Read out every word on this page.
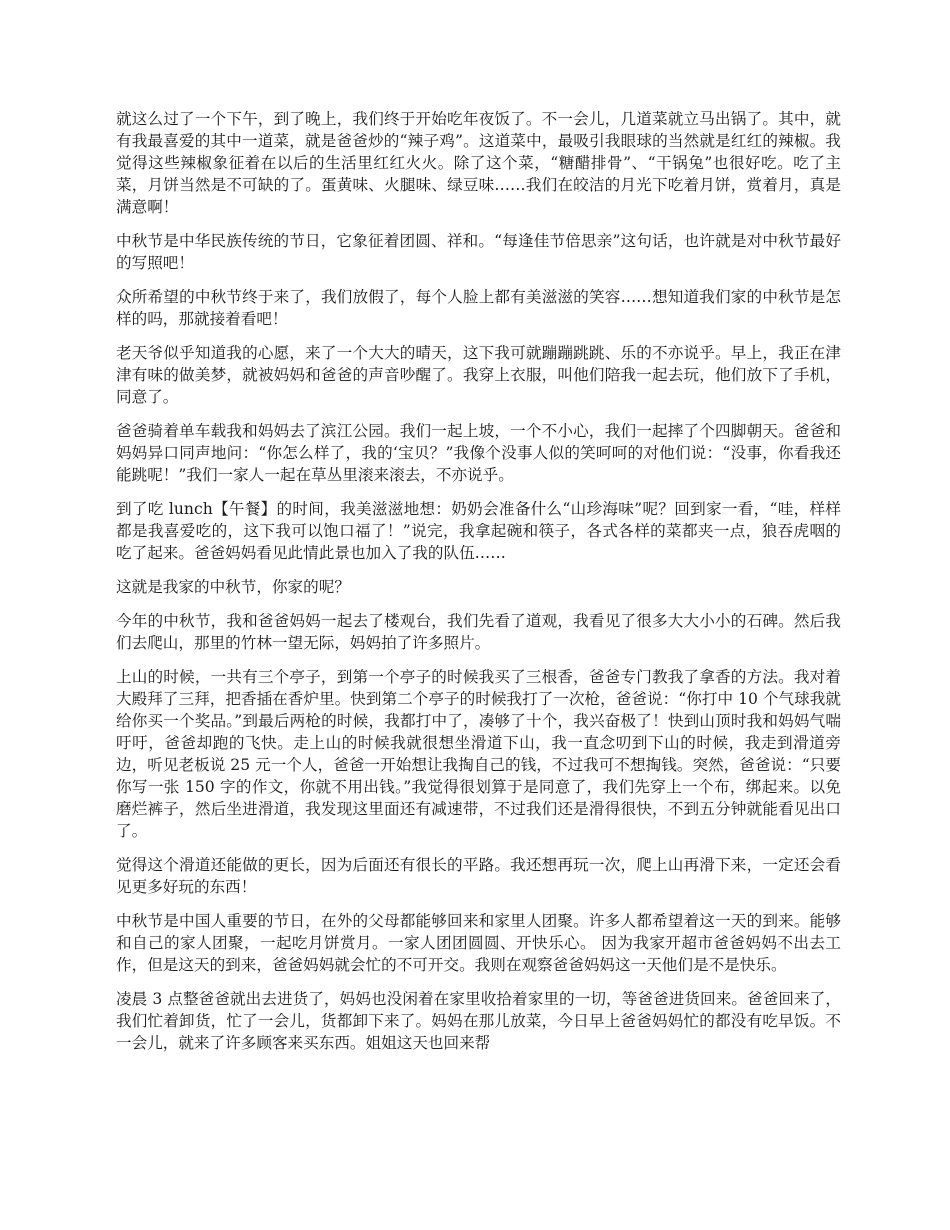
就这么过了一个下午，到了晚上，我们终于开始吃年夜饭了。不一会儿，几道菜就立马出锅了。其中，就有我最喜爱的其中一道菜，就是爸爸炒的“辣子鸡”。这道菜中，最吸引我眼球的当然就是红红的辣椒。我觉得这些辣椒象征着在以后的生活里红红火火。除了这个菜，“糖醋排骨”、“干锅兔”也很好吃。吃了主菜，月饼当然是不可缺的了。蛋黄味、火腿味、绿豆味……我们在皎洁的月光下吃着月饼，赏着月，真是满意啊！

中秋节是中华民族传统的节日，它象征着团圆、祥和。“每逢佳节倍思亲”这句话，也许就是对中秋节最好的写照吧！

众所希望的中秋节终于来了，我们放假了，每个人脸上都有美滋滋的笑容……想知道我们家的中秋节是怎样的吗，那就接着看吧！

老天爷似乎知道我的心愿，来了一个大大的晴天，这下我可就蹦蹦跳跳、乐的不亦说乎。早上，我正在津津有味的做美梦，就被妈妈和爸爸的声音吵醒了。我穿上衣服，叫他们陪我一起去玩，他们放下了手机，同意了。

爸爸骑着单车载我和妈妈去了滨江公园。我们一起上坡，一个不小心，我们一起摔了个四脚朝天。爸爸和妈妈异口同声地问：“你怎么样了，我的‘宝贝？”我像个没事人似的笑呵呵的对他们说：“没事，你看我还能跳呢！”我们一家人一起在草丛里滚来滚去，不亦说乎。

到了吃 lunch【午餐】的时间，我美滋滋地想：奶奶会准备什么“山珍海味”呢？回到家一看，“哇，样样都是我喜爱吃的，这下我可以饱口福了！”说完，我拿起碗和筷子，各式各样的菜都夹一点，狼吞虎咽的吃了起来。爸爸妈妈看见此情此景也加入了我的队伍……

这就是我家的中秋节，你家的呢？

今年的中秋节，我和爸爸妈妈一起去了楼观台，我们先看了道观，我看见了很多大大小小的石碑。然后我们去爬山，那里的竹林一望无际，妈妈拍了许多照片。

上山的时候，一共有三个亭子，到第一个亭子的时候我买了三根香，爸爸专门教我了拿香的方法。我对着大殿拜了三拜，把香插在香炉里。快到第二个亭子的时候我打了一次枪，爸爸说：“你打中 10 个气球我就给你买一个奖品。”到最后两枪的时候，我都打中了，凑够了十个，我兴奋极了！快到山顶时我和妈妈气喘吁吁，爸爸却跑的飞快。走上山的时候我就很想坐滑道下山，我一直念叨到下山的时候，我走到滑道旁边，听见老板说 25 元一个人，爸爸一开始想让我掏自己的钱，不过我可不想掏钱。突然，爸爸说：“只要你写一张 150 字的作文，你就不用出钱。”我觉得很划算于是同意了，我们先穿上一个布，绑起来。以免磨烂裤子，然后坐进滑道，我发现这里面还有减速带，不过我们还是滑得很快，不到五分钟就能看见出口了。

觉得这个滑道还能做的更长，因为后面还有很长的平路。我还想再玩一次，爬上山再滑下来，一定还会看见更多好玩的东西！

中秋节是中国人重要的节日，在外的父母都能够回来和家里人团聚。许多人都希望着这一天的到来。能够和自己的家人团聚，一起吃月饼赏月。一家人团团圆圆、开快乐心。 因为我家开超市爸爸妈妈不出去工作，但是这天的到来，爸爸妈妈就会忙的不可开交。我则在观察爸爸妈妈这一天他们是不是快乐。

凌晨 3 点整爸爸就出去进货了，妈妈也没闲着在家里收拾着家里的一切，等爸爸进货回来。爸爸回来了，我们忙着卸货，忙了一会儿，货都卸下来了。妈妈在那儿放菜，今日早上爸爸妈妈忙的都没有吃早饭。不一会儿，就来了许多顾客来买东西。姐姐这天也回来帮
